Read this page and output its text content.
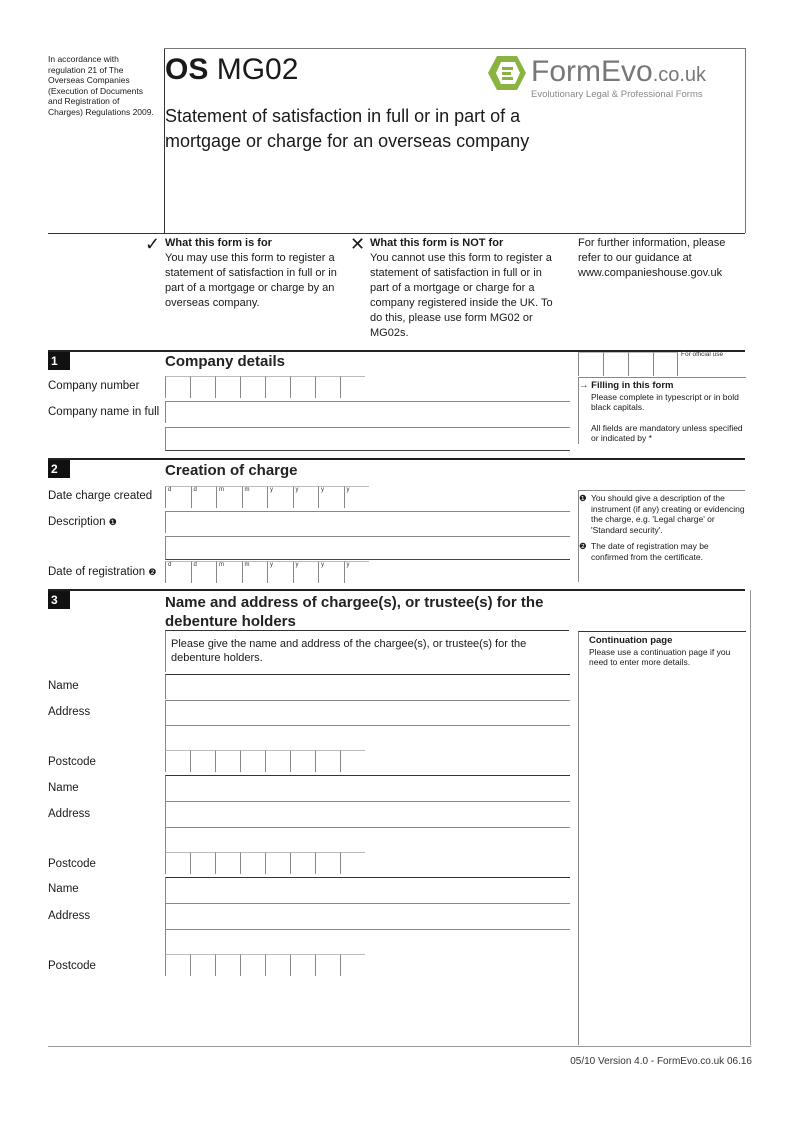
In accordance with regulation 21 of The Overseas Companies (Execution of Documents and Registration of Charges) Regulations 2009.
OS MG02
Statement of satisfaction in full or in part of a
mortgage or charge for an overseas company
FormEvo.co.uk
Evolutionary Legal & Professional Forms
✓ What this form is for
You may use this form to register a statement of satisfaction in full or in part of a mortgage or charge by an overseas company.
✕ What this form is NOT for
You cannot use this form to register a statement of satisfaction in full or in part of a mortgage or charge for a company registered inside the UK. To do this, please use form MG02 or MG02s.
For further information, please refer to our guidance at www.companieshouse.gov.uk
1	Company details	For official use
Company number
Company name in full
→ Filling in this form
Please complete in typescript or in bold black capitals.
All fields are mandatory unless specified or indicated by *
2	Creation of charge
Date charge created	d	d	m	m	y	y	y	y
Description ❶
Date of registration ❷
d	d	m	m	y	y	y	y
❶ You should give a description of the instrument (if any) creating or evidencing the charge, e.g. 'Legal charge' or 'Standard security'.
❷ The date of registration may be confirmed from the certificate.
3	Name and address of chargee(s), or trustee(s) for the
debenture holders
Please give the name and address of the chargee(s), or trustee(s) for the debenture holders.
Continuation page
Please use a continuation page if you need to enter more details.
Name
Address
Postcode
Name
Address
Postcode
Name
Address
Postcode
05/10 Version 4.0 - FormEvo.co.uk 06.16
